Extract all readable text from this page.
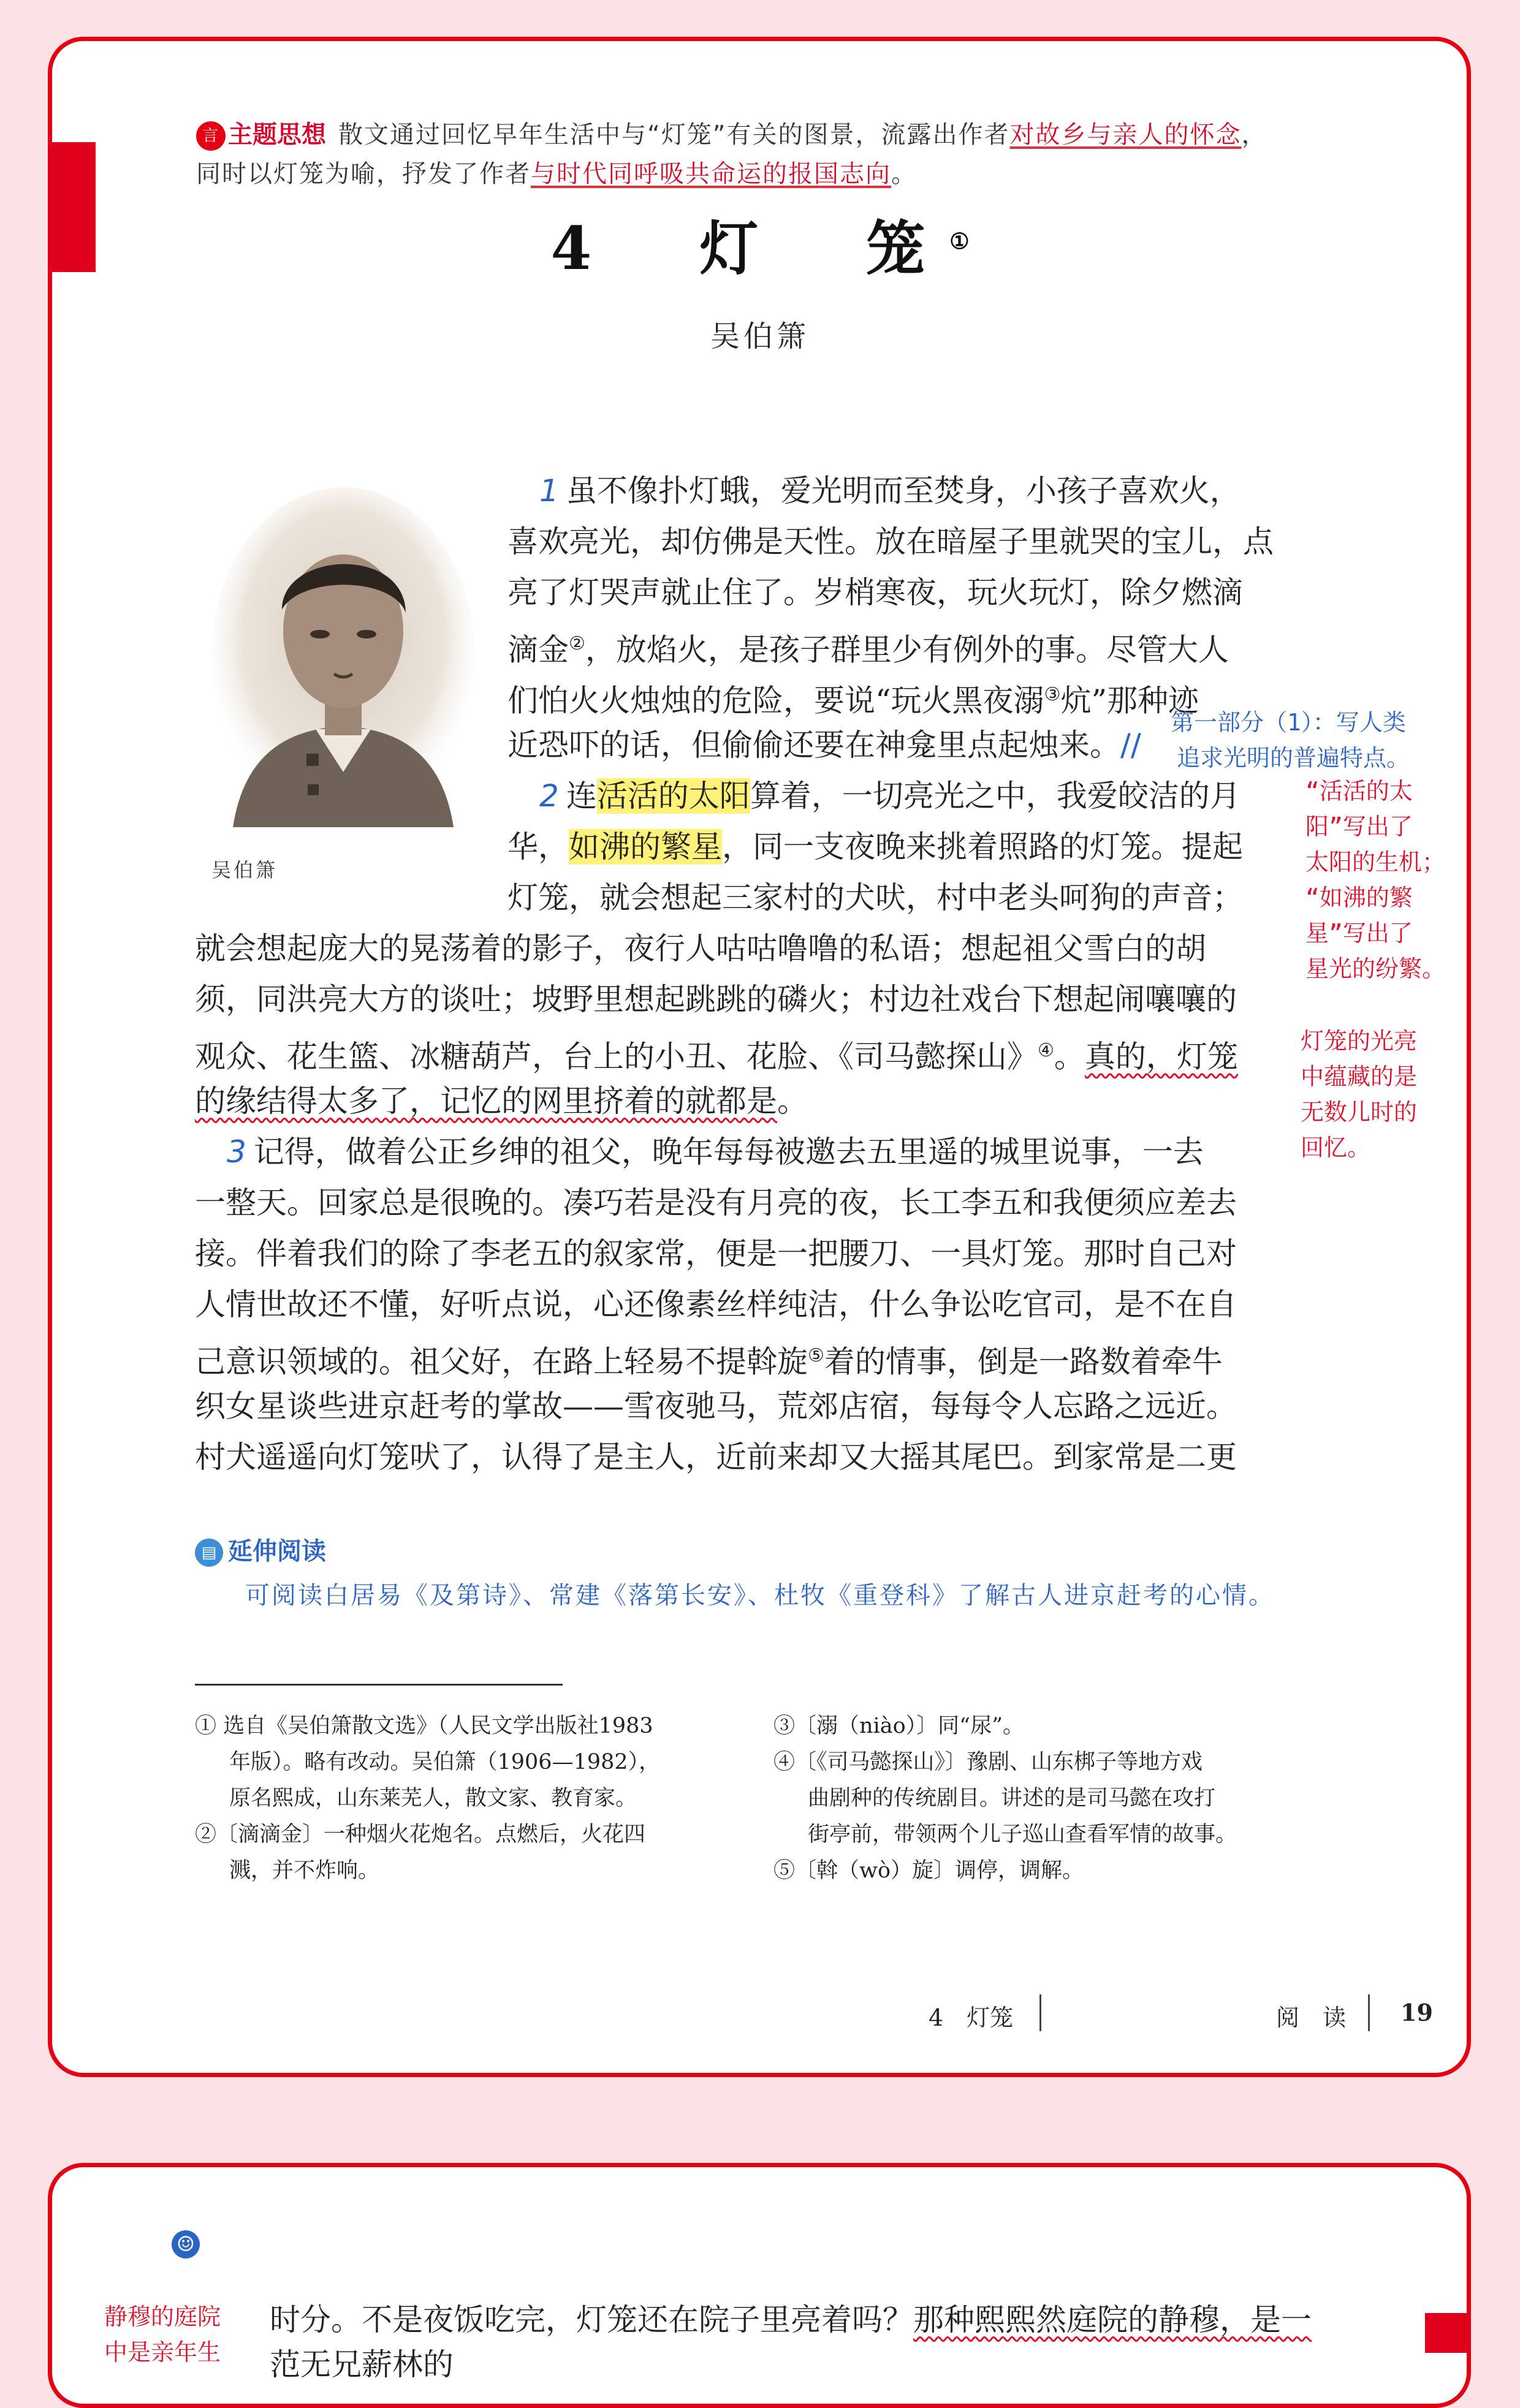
言 主题思想 散文通过回忆早年生活中与“灯笼”有关的图景，流露出作者对故乡与亲人的怀念，
同时以灯笼为喻，抒发了作者与时代同呼吸共命运的报国志向。
4　 灯　笼①
吴伯箫
吴伯箫
1 虽不像扑灯蛾，爱光明而至焚身，小孩子喜欢火，
喜欢亮光，却仿佛是天性。放在暗屋子里就哭的宝儿，点
亮了灯哭声就止住了。岁梢寒夜，玩火玩灯，除夕燃滴
滴金②，放焰火，是孩子群里少有例外的事。尽管大人
们怕火火烛烛的危险，要说“玩火黑夜溺③炕”那种迹
近恐吓的话，但偷偷还要在神龛里点起烛来。//
2 连活活的太阳算着，一切亮光之中，我爱皎洁的月
华，如沸的繁星，同一支夜晚来挑着照路的灯笼。提起
灯笼，就会想起三家村的犬吠，村中老头呵狗的声音；
就会想起庞大的晃荡着的影子，夜行人咕咕噜噜的私语；想起祖父雪白的胡
须，同洪亮大方的谈吐；坡野里想起跳跳的磷火；村边社戏台下想起闹嚷嚷的
观众、花生篮、冰糖葫芦，台上的小丑、花脸、《司马懿探山》④。真的，灯笼
的缘结得太多了，记忆的网里挤着的就都是。
3 记得，做着公正乡绅的祖父，晚年每每被邀去五里遥的城里说事，一去
一整天。回家总是很晚的。凑巧若是没有月亮的夜，长工李五和我便须应差去
接。伴着我们的除了李老五的叙家常，便是一把腰刀、一具灯笼。那时自己对
人情世故还不懂，好听点说，心还像素丝样纯洁，什么争讼吃官司，是不在自
己意识领域的。祖父好，在路上轻易不提斡旋⑤着的情事，倒是一路数着牵牛
织女星谈些进京赶考的掌故——雪夜驰马，荒郊店宿，每每令人忘路之远近。
村犬遥遥向灯笼吠了，认得了是主人，近前来却又大摇其尾巴。到家常是二更
第一部分（1）：写人类
追求光明的普遍特点。
“活活的太
阳”写出了
太阳的生机；
“如沸的繁
星”写出了
星光的纷繁。
灯笼的光亮
中蕴藏的是
无数儿时的
回忆。
▤ 延伸阅读
可阅读白居易《及第诗》、常建《落第长安》、杜牧《重登科》了解古人进京赶考的心情。
① 选自《吴伯箫散文选》（人民文学出版社1983
年版）。略有改动。吴伯箫（1906—1982），
原名熙成，山东莱芜人，散文家、教育家。
②〔滴滴金〕一种烟火花炮名。点燃后，火花四
溅，并不炸响。
③〔溺（niào）〕同“尿”。
④〔《司马懿探山》〕豫剧、山东梆子等地方戏
曲剧种的传统剧目。讲述的是司马懿在攻打
街亭前，带领两个儿子巡山查看军情的故事。
⑤〔斡（wò）旋〕调停，调解。
4　灯笼	阅　读 19
☺
静穆的庭院
中是亲年生
时分。不是夜饭吃完，灯笼还在院子里亮着吗？那种熙熙然庭院的静穆，是一
范无兄薪林的
